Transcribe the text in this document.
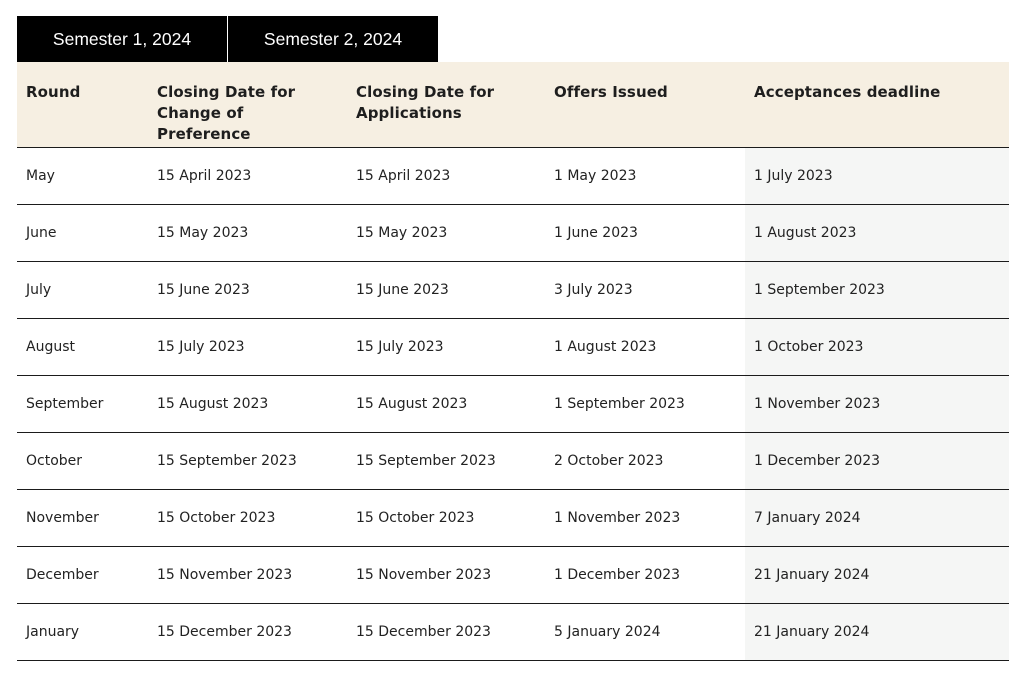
Semester 1, 2024	Semester 2, 2024
Round	Closing Date for Change of Preference	Closing Date for Applications	Offers Issued	Acceptances deadline
May	15 April 2023	15 April 2023	1 May 2023	1 July 2023
June	15 May 2023	15 May 2023	1 June 2023	1 August 2023
July	15 June 2023	15 June 2023	3 July 2023	1 September 2023
August	15 July 2023	15 July 2023	1 August 2023	1 October 2023
September	15 August 2023	15 August 2023	1 September 2023	1 November 2023
October	15 September 2023	15 September 2023	2 October 2023	1 December 2023
November	15 October 2023	15 October 2023	1 November 2023	7 January 2024
December	15 November 2023	15 November 2023	1 December 2023	21 January 2024
January	15 December 2023	15 December 2023	5 January 2024	21 January 2024
